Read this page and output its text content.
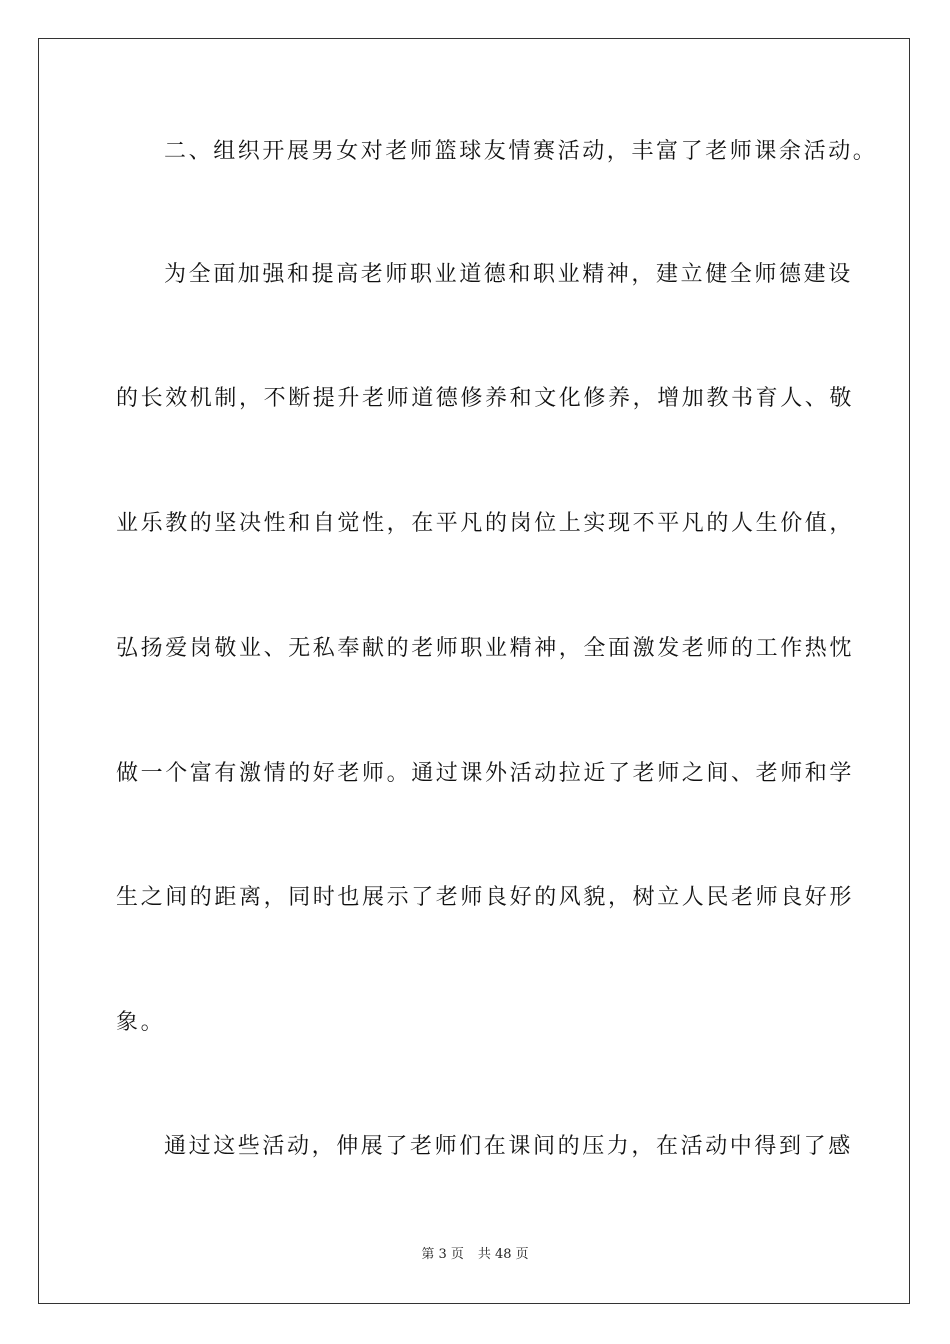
二、组织开展男女对老师篮球友情赛活动，丰富了老师课余活动。
为全面加强和提高老师职业道德和职业精神，建立健全师德建设
的长效机制，不断提升老师道德修养和文化修养，增加教书育人、敬
业乐教的坚决性和自觉性，在平凡的岗位上实现不平凡的人生价值，
弘扬爱岗敬业、无私奉献的老师职业精神，全面激发老师的工作热忱
做一个富有激情的好老师。通过课外活动拉近了老师之间、老师和学
生之间的距离，同时也展示了老师良好的风貌，树立人民老师良好形
象。
通过这些活动，伸展了老师们在课间的压力，在活动中得到了感
第 3 页 共 48 页
